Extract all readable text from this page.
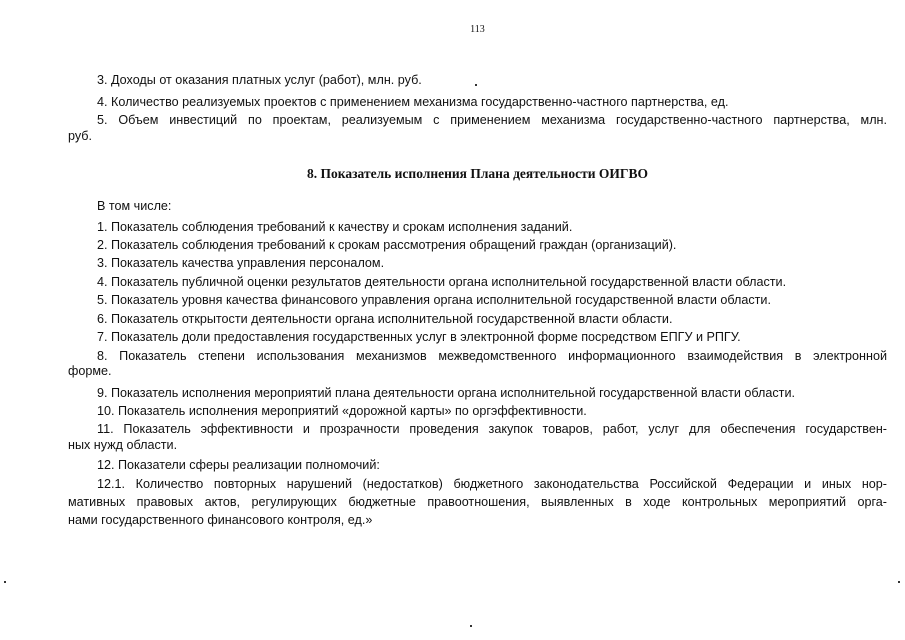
113
3. Доходы от оказания платных услуг (работ), млн. руб.
4. Количество реализуемых проектов с применением механизма государственно-частного партнерства, ед.
5. Объем инвестиций по проектам, реализуемым с применением механизма государственно-частного партнерства, млн.
руб.
8. Показатель исполнения Плана деятельности ОИГВО
В том числе:
1. Показатель соблюдения требований к качеству и срокам исполнения заданий.
2. Показатель соблюдения требований к срокам рассмотрения обращений граждан (организаций).
3. Показатель качества управления персоналом.
4. Показатель публичной оценки результатов деятельности органа исполнительной государственной власти области.
5. Показатель уровня качества финансового управления органа исполнительной государственной власти области.
6. Показатель открытости деятельности органа исполнительной государственной власти области.
7. Показатель доли предоставления государственных услуг в электронной форме посредством ЕПГУ и РПГУ.
8. Показатель степени использования механизмов межведомственного информационного взаимодействия в электронной
форме.
9. Показатель исполнения мероприятий плана деятельности органа исполнительной государственной власти области.
10. Показатель исполнения мероприятий «дорожной карты» по оргэффективности.
11. Показатель эффективности и прозрачности проведения закупок товаров, работ, услуг для обеспечения государствен-
ных нужд области.
12. Показатели сферы реализации полномочий:
12.1. Количество повторных нарушений (недостатков) бюджетного законодательства Российской Федерации и иных нор-
мативных правовых актов, регулирующих бюджетные правоотношения, выявленных в ходе контрольных мероприятий орга-
нами государственного финансового контроля, ед.»
